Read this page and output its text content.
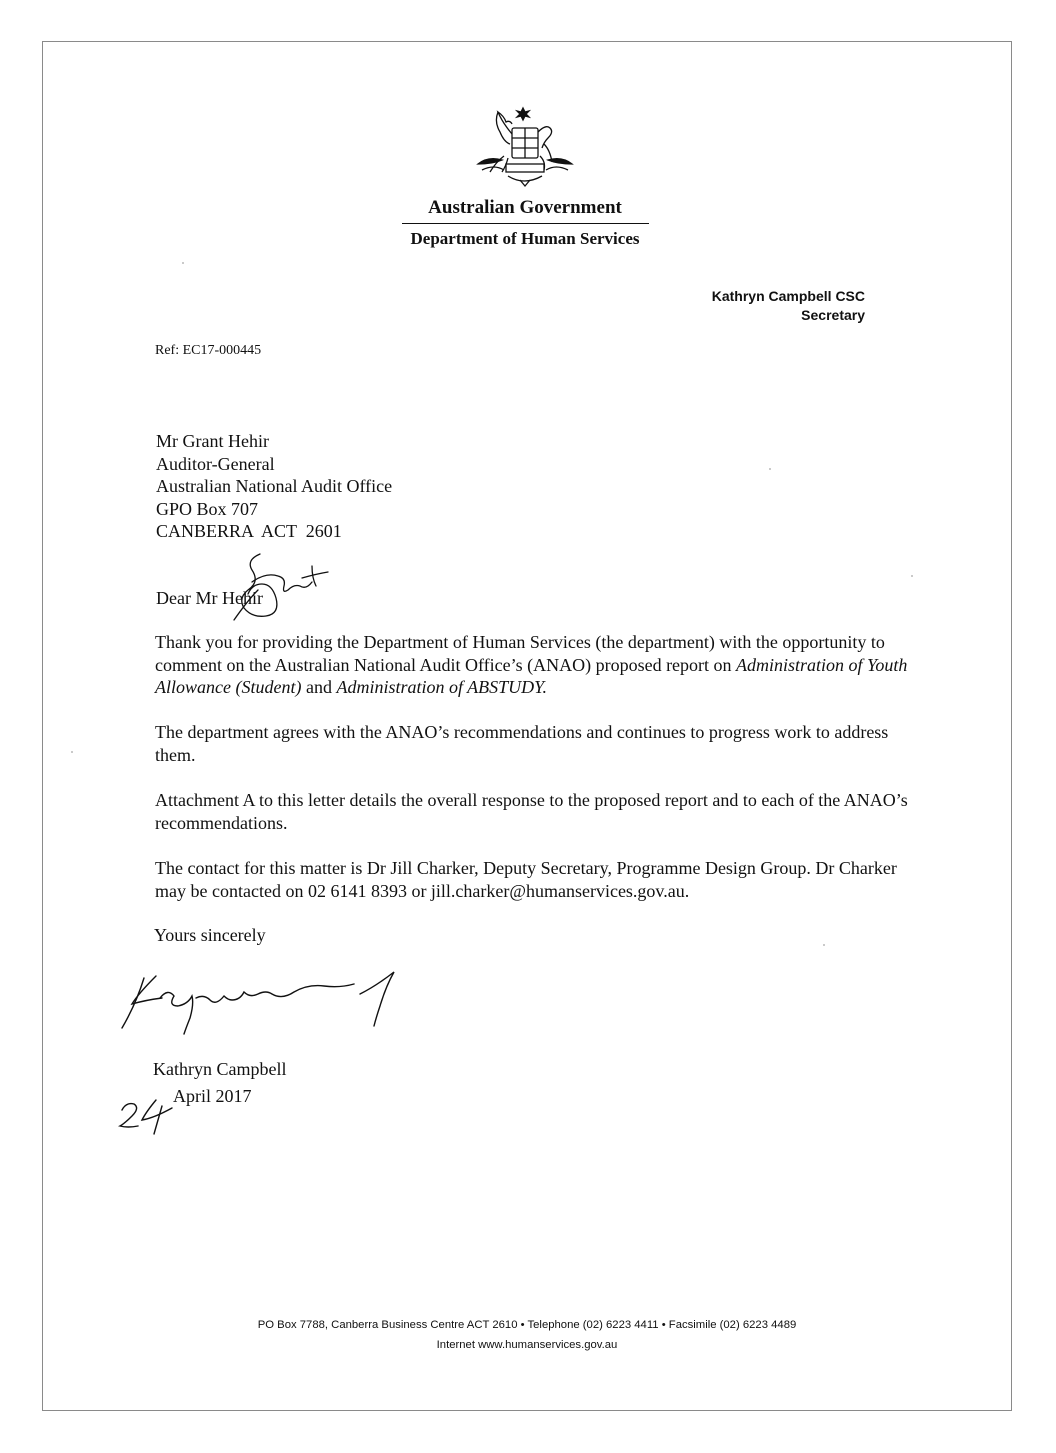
Australian Government
Department of Human Services
Kathryn Campbell CSC
Secretary
Ref: EC17-000445
Mr Grant Hehir
Auditor-General
Australian National Audit Office
GPO Box 707
CANBERRA  ACT  2601
Dear Mr Hehir
Thank you for providing the Department of Human Services (the department) with the opportunity to comment on the Australian National Audit Office’s (ANAO) proposed report on Administration of Youth Allowance (Student) and Administration of ABSTUDY.
The department agrees with the ANAO’s recommendations and continues to progress work to address them.
Attachment A to this letter details the overall response to the proposed report and to each of the ANAO’s recommendations.
The contact for this matter is Dr Jill Charker, Deputy Secretary, Programme Design Group. Dr Charker may be contacted on 02 6141 8393 or jill.charker@humanservices.gov.au.
Yours sincerely
Kathryn Campbell
April 2017
PO Box 7788, Canberra Business Centre ACT 2610 • Telephone (02) 6223 4411 • Facsimile (02) 6223 4489
Internet www.humanservices.gov.au
